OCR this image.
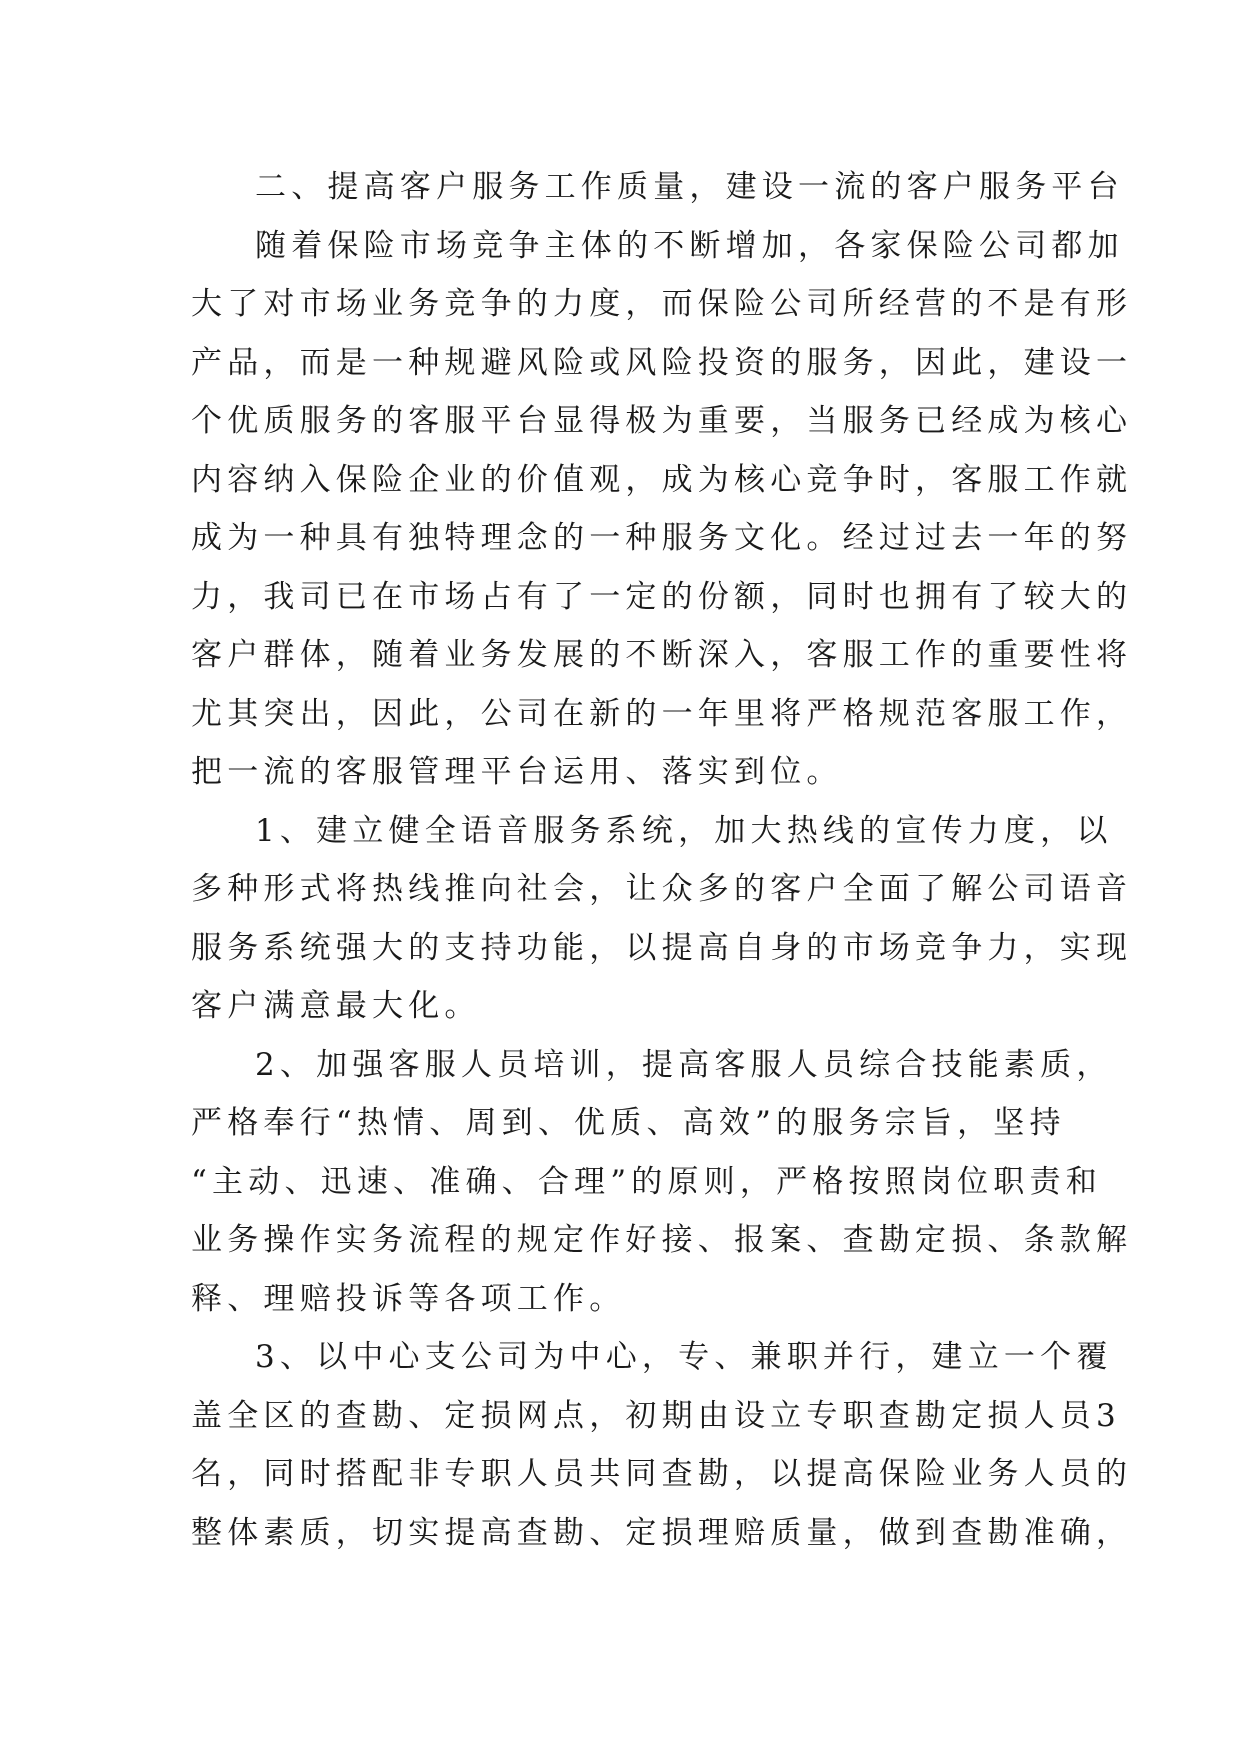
二、提高客户服务工作质量，建设一流的客户服务平台
随着保险市场竞争主体的不断增加，各家保险公司都加
大了对市场业务竞争的力度，而保险公司所经营的不是有形
产品，而是一种规避风险或风险投资的服务，因此，建设一
个优质服务的客服平台显得极为重要，当服务已经成为核心
内容纳入保险企业的价值观，成为核心竞争时，客服工作就
成为一种具有独特理念的一种服务文化。经过过去一年的努
力，我司已在市场占有了一定的份额，同时也拥有了较大的
客户群体，随着业务发展的不断深入，客服工作的重要性将
尤其突出，因此，公司在新的一年里将严格规范客服工作，
把一流的客服管理平台运用、落实到位。
1、建立健全语音服务系统，加大热线的宣传力度，以
多种形式将热线推向社会，让众多的客户全面了解公司语音
服务系统强大的支持功能，以提高自身的市场竞争力，实现
客户满意最大化。
2、加强客服人员培训，提高客服人员综合技能素质，
严格奉行“热情、周到、优质、高效”的服务宗旨，坚持
“主动、迅速、准确、合理”的原则，严格按照岗位职责和
业务操作实务流程的规定作好接、报案、查勘定损、条款解
释、理赔投诉等各项工作。
3、以中心支公司为中心，专、兼职并行，建立一个覆
盖全区的查勘、定损网点，初期由设立专职查勘定损人员3
名，同时搭配非专职人员共同查勘，以提高保险业务人员的
整体素质，切实提高查勘、定损理赔质量，做到查勘准确，
